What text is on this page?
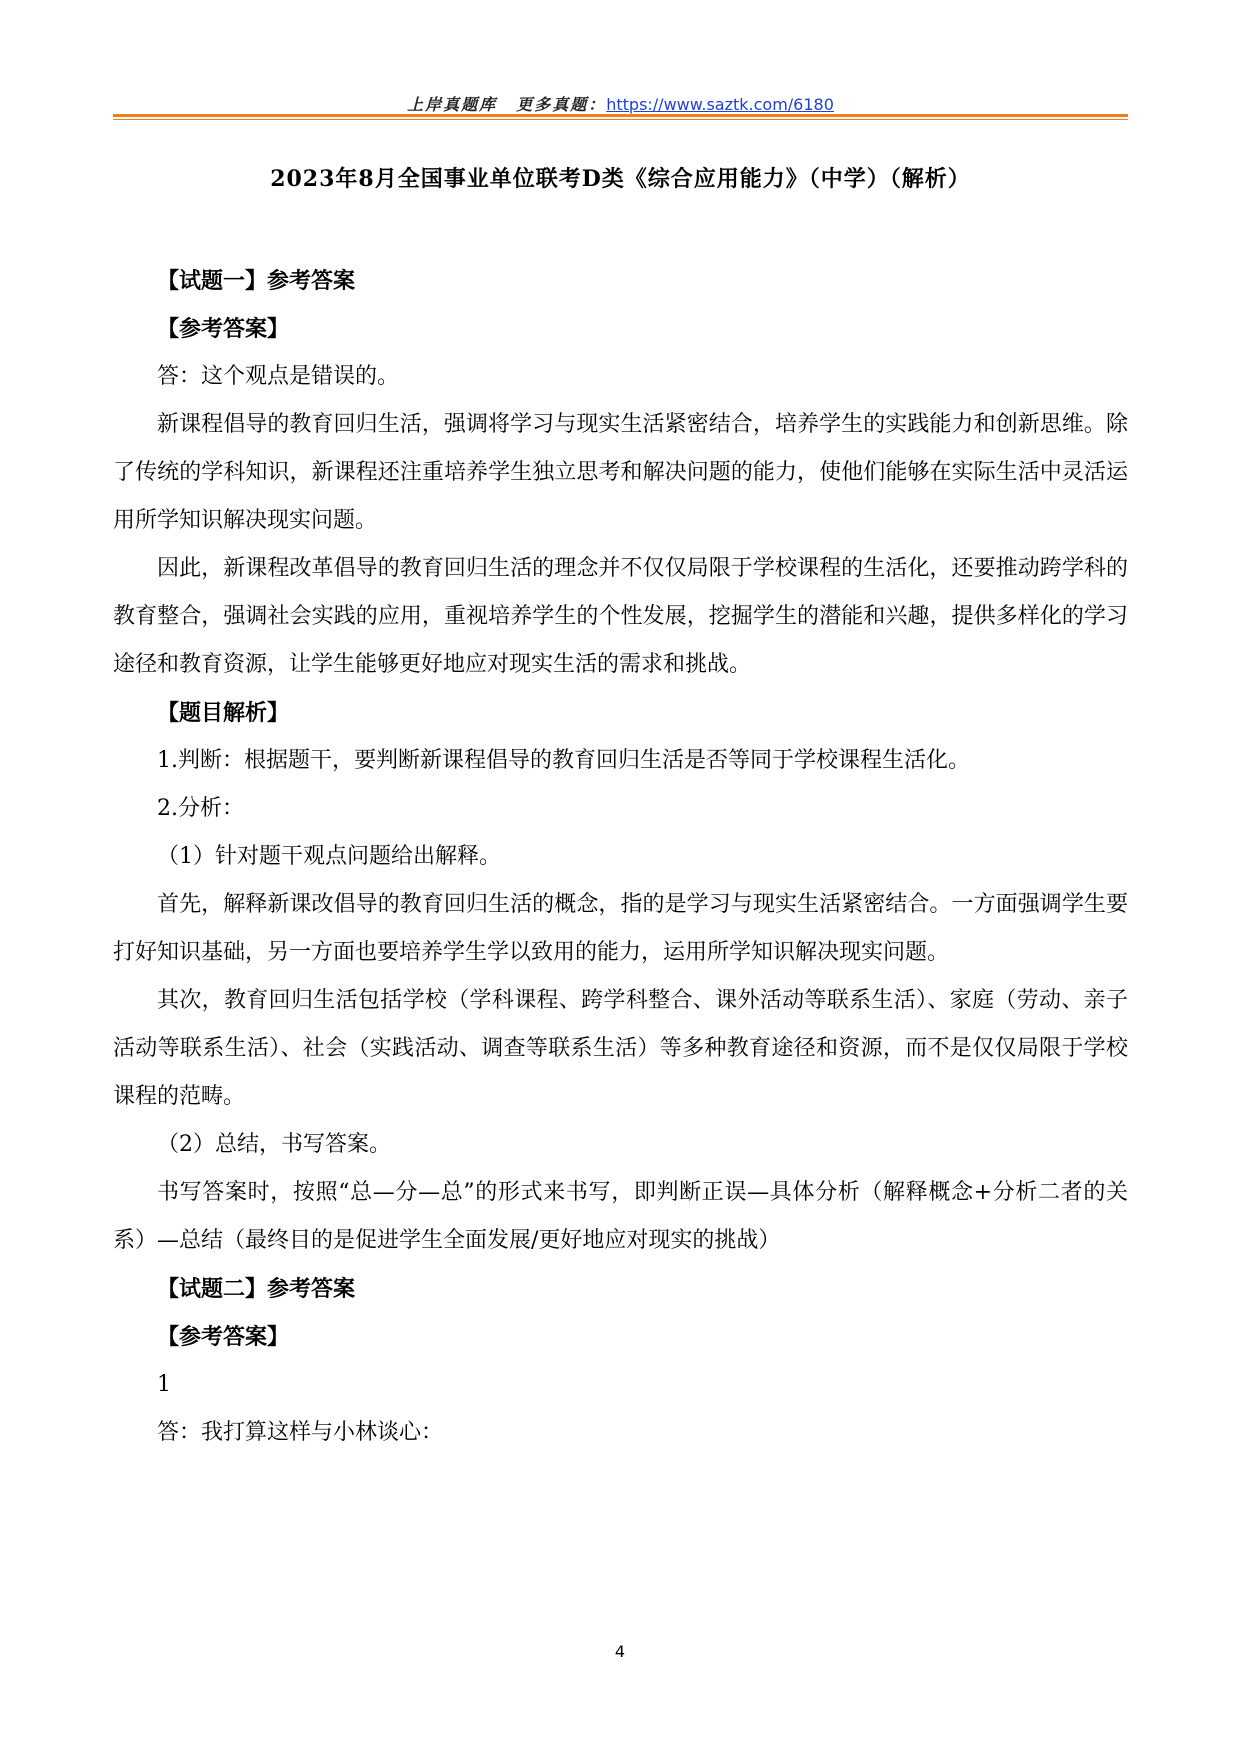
上岸真题库 更多真题：https://www.saztk.com/6180
2023年8月全国事业单位联考D类《综合应用能力》（中学）（解析）

【试题一】参考答案

【参考答案】

答：这个观点是错误的。

新课程倡导的教育回归生活，强调将学习与现实生活紧密结合，培养学生的实践能力和创新思维。除了传统的学科知识，新课程还注重培养学生独立思考和解决问题的能力，使他们能够在实际生活中灵活运用所学知识解决现实问题。

因此，新课程改革倡导的教育回归生活的理念并不仅仅局限于学校课程的生活化，还要推动跨学科的教育整合，强调社会实践的应用，重视培养学生的个性发展，挖掘学生的潜能和兴趣，提供多样化的学习途径和教育资源，让学生能够更好地应对现实生活的需求和挑战。

【题目解析】

1.判断：根据题干，要判断新课程倡导的教育回归生活是否等同于学校课程生活化。

2.分析：

（1）针对题干观点问题给出解释。

首先，解释新课改倡导的教育回归生活的概念，指的是学习与现实生活紧密结合。一方面强调学生要打好知识基础，另一方面也要培养学生学以致用的能力，运用所学知识解决现实问题。

其次，教育回归生活包括学校（学科课程、跨学科整合、课外活动等联系生活）、家庭（劳动、亲子活动等联系生活）、社会（实践活动、调查等联系生活）等多种教育途径和资源，而不是仅仅局限于学校课程的范畴。

（2）总结，书写答案。

书写答案时，按照“总—分—总”的形式来书写，即判断正误—具体分析（解释概念+分析二者的关系）—总结（最终目的是促进学生全面发展/更好地应对现实的挑战）

【试题二】参考答案

【参考答案】

1

答：我打算这样与小林谈心：

4
